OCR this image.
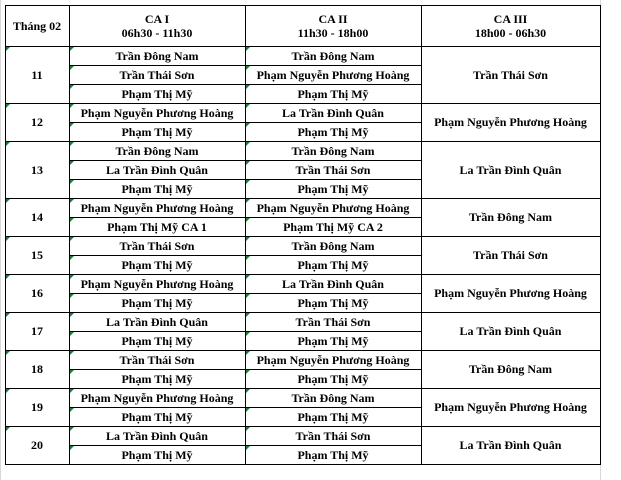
Tháng 02	CA I
06h30 - 11h30
CA II
11h30 - 18h00
CA III
18h00 - 06h30
11
Trần Đông Nam
Trần Thái Sơn
Phạm Thị Mỹ
Trần Đông Nam
Phạm Nguyễn Phương Hoàng
Phạm Thị Mỹ
Trần Thái Sơn
12
Phạm Nguyễn Phương Hoàng
Phạm Thị Mỹ
La Trần Đình Quân
Phạm Thị Mỹ
Phạm Nguyễn Phương Hoàng
13
Trần Đông Nam
La Trần Đình Quân
Phạm Thị Mỹ
Trần Đông Nam
Trần Thái Sơn
Phạm Thị Mỹ
La Trần Đình Quân
14
Phạm Nguyễn Phương Hoàng
Phạm Thị Mỹ CA 1
Phạm Nguyễn Phương Hoàng
Phạm Thị Mỹ CA 2
Trần Đông Nam
15
Trần Thái Sơn
Phạm Thị Mỹ
Trần Đông Nam
Phạm Thị Mỹ
Trần Thái Sơn
16
Phạm Nguyễn Phương Hoàng
Phạm Thị Mỹ
La Trần Đình Quân
Phạm Thị Mỹ
Phạm Nguyễn Phương Hoàng
17
La Trần Đình Quân
Phạm Thị Mỹ
Trần Thái Sơn
Phạm Thị Mỹ
La Trần Đình Quân
18
Trần Thái Sơn
Phạm Thị Mỹ
Phạm Nguyễn Phương Hoàng
Phạm Thị Mỹ
Trần Đông Nam
19
Phạm Nguyễn Phương Hoàng
Phạm Thị Mỹ
Trần Đông Nam
Phạm Thị Mỹ
Phạm Nguyễn Phương Hoàng
20
La Trần Đình Quân
Phạm Thị Mỹ
Trần Thái Sơn
Phạm Thị Mỹ
La Trần Đình Quân
